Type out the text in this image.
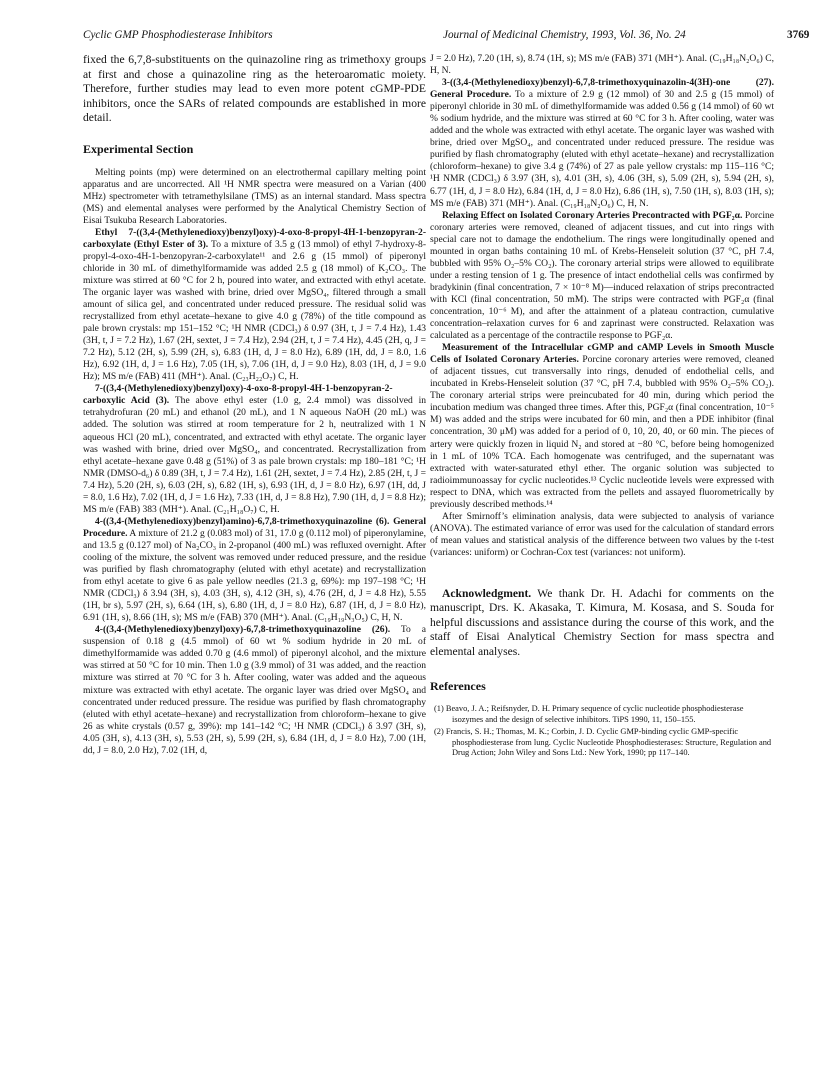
Cyclic GMP Phosphodiesterase Inhibitors	Journal of Medicinal Chemistry, 1993, Vol. 36, No. 24	3769

fixed the 6,7,8-substituents on the quinazoline ring as trimethoxy groups at first and chose a quinazoline ring as the heteroaromatic moiety. Therefore, further studies may lead to even more potent cGMP-PDE inhibitors, once the SARs of related compounds are established in more detail.

Experimental Section

Melting points (mp) were determined on an electrothermal capillary melting point apparatus and are uncorrected. All ¹H NMR spectra were measured on a Varian (400 MHz) spectrometer with tetramethylsilane (TMS) as an internal standard. Mass spectra (MS) and elemental analyses were performed by the Analytical Chemistry Section of Eisai Tsukuba Research Laboratories.

Ethyl 7-((3,4-(Methylenedioxy)benzyl)oxy)-4-oxo-8-propyl-4H-1-benzopyran-2-carboxylate (Ethyl Ester of 3). To a mixture of 3.5 g (13 mmol) of ethyl 7-hydroxy-8-propyl-4-oxo-4H-1-benzopyran-2-carboxylate¹¹ and 2.6 g (15 mmol) of piperonyl chloride in 30 mL of dimethylformamide was added 2.5 g (18 mmol) of K₂CO₃. The mixture was stirred at 60 °C for 2 h, poured into water, and extracted with ethyl acetate. The organic layer was washed with brine, dried over MgSO₄, filtered through a small amount of silica gel, and concentrated under reduced pressure. The residual solid was recrystallized from ethyl acetate–hexane to give 4.0 g (78%) of the title compound as pale brown crystals: mp 151–152 °C; ¹H NMR (CDCl₃) δ 0.97 (3H, t, J = 7.4 Hz), 1.43 (3H, t, J = 7.2 Hz), 1.67 (2H, sextet, J = 7.4 Hz), 2.94 (2H, t, J = 7.4 Hz), 4.45 (2H, q, J = 7.2 Hz), 5.12 (2H, s), 5.99 (2H, s), 6.83 (1H, d, J = 8.0 Hz), 6.89 (1H, dd, J = 8.0, 1.6 Hz), 6.92 (1H, d, J = 1.6 Hz), 7.05 (1H, s), 7.06 (1H, d, J = 9.0 Hz), 8.03 (1H, d, J = 9.0 Hz); MS m/e (FAB) 411 (MH⁺). Anal. (C₂₃H₂₂O₇) C, H.

7-((3,4-(Methylenedioxy)benzyl)oxy)-4-oxo-8-propyl-4H-1-benzopyran-2-carboxylic Acid (3). The above ethyl ester (1.0 g, 2.4 mmol) was dissolved in tetrahydrofuran (20 mL) and ethanol (20 mL), and 1 N aqueous NaOH (20 mL) was added. The solution was stirred at room temperature for 2 h, neutralized with 1 N aqueous HCl (20 mL), concentrated, and extracted with ethyl acetate. The organic layer was washed with brine, dried over MgSO₄, and concentrated. Recrystallization from ethyl acetate–hexane gave 0.48 g (51%) of 3 as pale brown crystals: mp 180–181 °C; ¹H NMR (DMSO-d₆) δ 0.89 (3H, t, J = 7.4 Hz), 1.61 (2H, sextet, J = 7.4 Hz), 2.85 (2H, t, J = 7.4 Hz), 5.20 (2H, s), 6.03 (2H, s), 6.82 (1H, s), 6.93 (1H, d, J = 8.0 Hz), 6.97 (1H, dd, J = 8.0, 1.6 Hz), 7.02 (1H, d, J = 1.6 Hz), 7.33 (1H, d, J = 8.8 Hz), 7.90 (1H, d, J = 8.8 Hz); MS m/e (FAB) 383 (MH⁺). Anal. (C₂₁H₁₈O₇) C, H.

4-((3,4-(Methylenedioxy)benzyl)amino)-6,7,8-trimethoxyquinazoline (6). General Procedure. A mixture of 21.2 g (0.083 mol) of 31, 17.0 g (0.112 mol) of piperonylamine, and 13.5 g (0.127 mol) of Na₂CO₃ in 2-propanol (400 mL) was refluxed overnight. After cooling of the mixture, the solvent was removed under reduced pressure, and the residue was purified by flash chromatography (eluted with ethyl acetate) and recrystallization from ethyl acetate to give 6 as pale yellow needles (21.3 g, 69%): mp 197–198 °C; ¹H NMR (CDCl₃) δ 3.94 (3H, s), 4.03 (3H, s), 4.12 (3H, s), 4.76 (2H, d, J = 4.8 Hz), 5.55 (1H, br s), 5.97 (2H, s), 6.64 (1H, s), 6.80 (1H, d, J = 8.0 Hz), 6.87 (1H, d, J = 8.0 Hz), 6.91 (1H, s), 8.66 (1H, s); MS m/e (FAB) 370 (MH⁺). Anal. (C₁₉H₁₉N₃O₅) C, H, N.

4-((3,4-(Methylenedioxy)benzyl)oxy)-6,7,8-trimethoxyquinazoline (26). To a suspension of 0.18 g (4.5 mmol) of 60 wt % sodium hydride in 20 mL of dimethylformamide was added 0.70 g (4.6 mmol) of piperonyl alcohol, and the mixture was stirred at 50 °C for 10 min. Then 1.0 g (3.9 mmol) of 31 was added, and the reaction mixture was stirred at 70 °C for 3 h. After cooling, water was added and the aqueous mixture was extracted with ethyl acetate. The organic layer was dried over MgSO₄ and concentrated under reduced pressure. The residue was purified by flash chromatography (eluted with ethyl acetate–hexane) and recrystallization from chloroform–hexane to give 26 as white crystals (0.57 g, 39%): mp 141–142 °C; ¹H NMR (CDCl₃) δ 3.97 (3H, s), 4.05 (3H, s), 4.13 (3H, s), 5.53 (2H, s), 5.99 (2H, s), 6.84 (1H, d, J = 8.0 Hz), 7.00 (1H, dd, J = 8.0, 2.0 Hz), 7.02 (1H, d,

J = 2.0 Hz), 7.20 (1H, s), 8.74 (1H, s); MS m/e (FAB) 371 (MH⁺). Anal. (C₁₉H₁₈N₂O₆) C, H, N.

3-((3,4-(Methylenedioxy)benzyl)-6,7,8-trimethoxyquinazolin-4(3H)-one (27). General Procedure. To a mixture of 2.9 g (12 mmol) of 30 and 2.5 g (15 mmol) of piperonyl chloride in 30 mL of dimethylformamide was added 0.56 g (14 mmol) of 60 wt % sodium hydride, and the mixture was stirred at 60 °C for 3 h. After cooling, water was added and the whole was extracted with ethyl acetate. The organic layer was washed with brine, dried over MgSO₄, and concentrated under reduced pressure. The residue was purified by flash chromatography (eluted with ethyl acetate–hexane) and recrystallization (chloroform–hexane) to give 3.4 g (74%) of 27 as pale yellow crystals: mp 115–116 °C; ¹H NMR (CDCl₃) δ 3.97 (3H, s), 4.01 (3H, s), 4.06 (3H, s), 5.09 (2H, s), 5.94 (2H, s), 6.77 (1H, d, J = 8.0 Hz), 6.84 (1H, d, J = 8.0 Hz), 6.86 (1H, s), 7.50 (1H, s), 8.03 (1H, s); MS m/e (FAB) 371 (MH⁺). Anal. (C₁₉H₁₈N₂O₆) C, H, N.

Relaxing Effect on Isolated Coronary Arteries Precontracted with PGF₂α. Porcine coronary arteries were removed, cleaned of adjacent tissues, and cut into rings with special care not to damage the endothelium. The rings were longitudinally opened and mounted in organ baths containing 10 mL of Krebs-Henseleit solution (37 °C, pH 7.4, bubbled with 95% O₂–5% CO₂). The coronary arterial strips were allowed to equilibrate under a resting tension of 1 g. The presence of intact endothelial cells was confirmed by bradykinin (final concentration, 7 × 10⁻⁸ M)—induced relaxation of strips precontracted with KCl (final concentration, 50 mM). The strips were contracted with PGF₂α (final concentration, 10⁻⁶ M), and after the attainment of a plateau contraction, cumulative concentration–relaxation curves for 6 and zaprinast were constructed. Relaxation was calculated as a percentage of the contractile response to PGF₂α.

Measurement of the Intracellular cGMP and cAMP Levels in Smooth Muscle Cells of Isolated Coronary Arteries. Porcine coronary arteries were removed, cleaned of adjacent tissues, cut transversally into rings, denuded of endothelial cells, and incubated in Krebs-Henseleit solution (37 °C, pH 7.4, bubbled with 95% O₂–5% CO₂). The coronary arterial strips were preincubated for 40 min, during which period the incubation medium was changed three times. After this, PGF₂α (final concentration, 10⁻⁵ M) was added and the strips were incubated for 60 min, and then a PDE inhibitor (final concentration, 30 μM) was added for a period of 0, 10, 20, 40, or 60 min. The pieces of artery were quickly frozen in liquid N₂ and stored at −80 °C, before being homogenized in 1 mL of 10% TCA. Each homogenate was centrifuged, and the supernatant was extracted with water-saturated ethyl ether. The organic solution was subjected to radioimmunoassay for cyclic nucleotides.¹³ Cyclic nucleotide levels were expressed with respect to DNA, which was extracted from the pellets and assayed fluorometrically by previously described methods.¹⁴

After Smirnoff’s elimination analysis, data were subjected to analysis of variance (ANOVA). The estimated variance of error was used for the calculation of standard errors of mean values and statistical analysis of the difference between two values by the t-test (variances: uniform) or Cochran-Cox test (variances: not uniform).

Acknowledgment. We thank Dr. H. Adachi for comments on the manuscript, Drs. K. Akasaka, T. Kimura, M. Kosasa, and S. Souda for helpful discussions and assistance during the course of this work, and the staff of Eisai Analytical Chemistry Section for mass spectra and elemental analyses.

References

(1) Beavo, J. A.; Reifsnyder, D. H. Primary sequence of cyclic nucleotide phosphodiesterase isozymes and the design of selective inhibitors. TiPS 1990, 11, 150–155.

(2) Francis, S. H.; Thomas, M. K.; Corbin, J. D. Cyclic GMP-binding cyclic GMP-specific phosphodiesterase from lung. Cyclic Nucleotide Phosphodiesterases: Structure, Regulation and Drug Action; John Wiley and Sons Ltd.: New York, 1990; pp 117–140.
